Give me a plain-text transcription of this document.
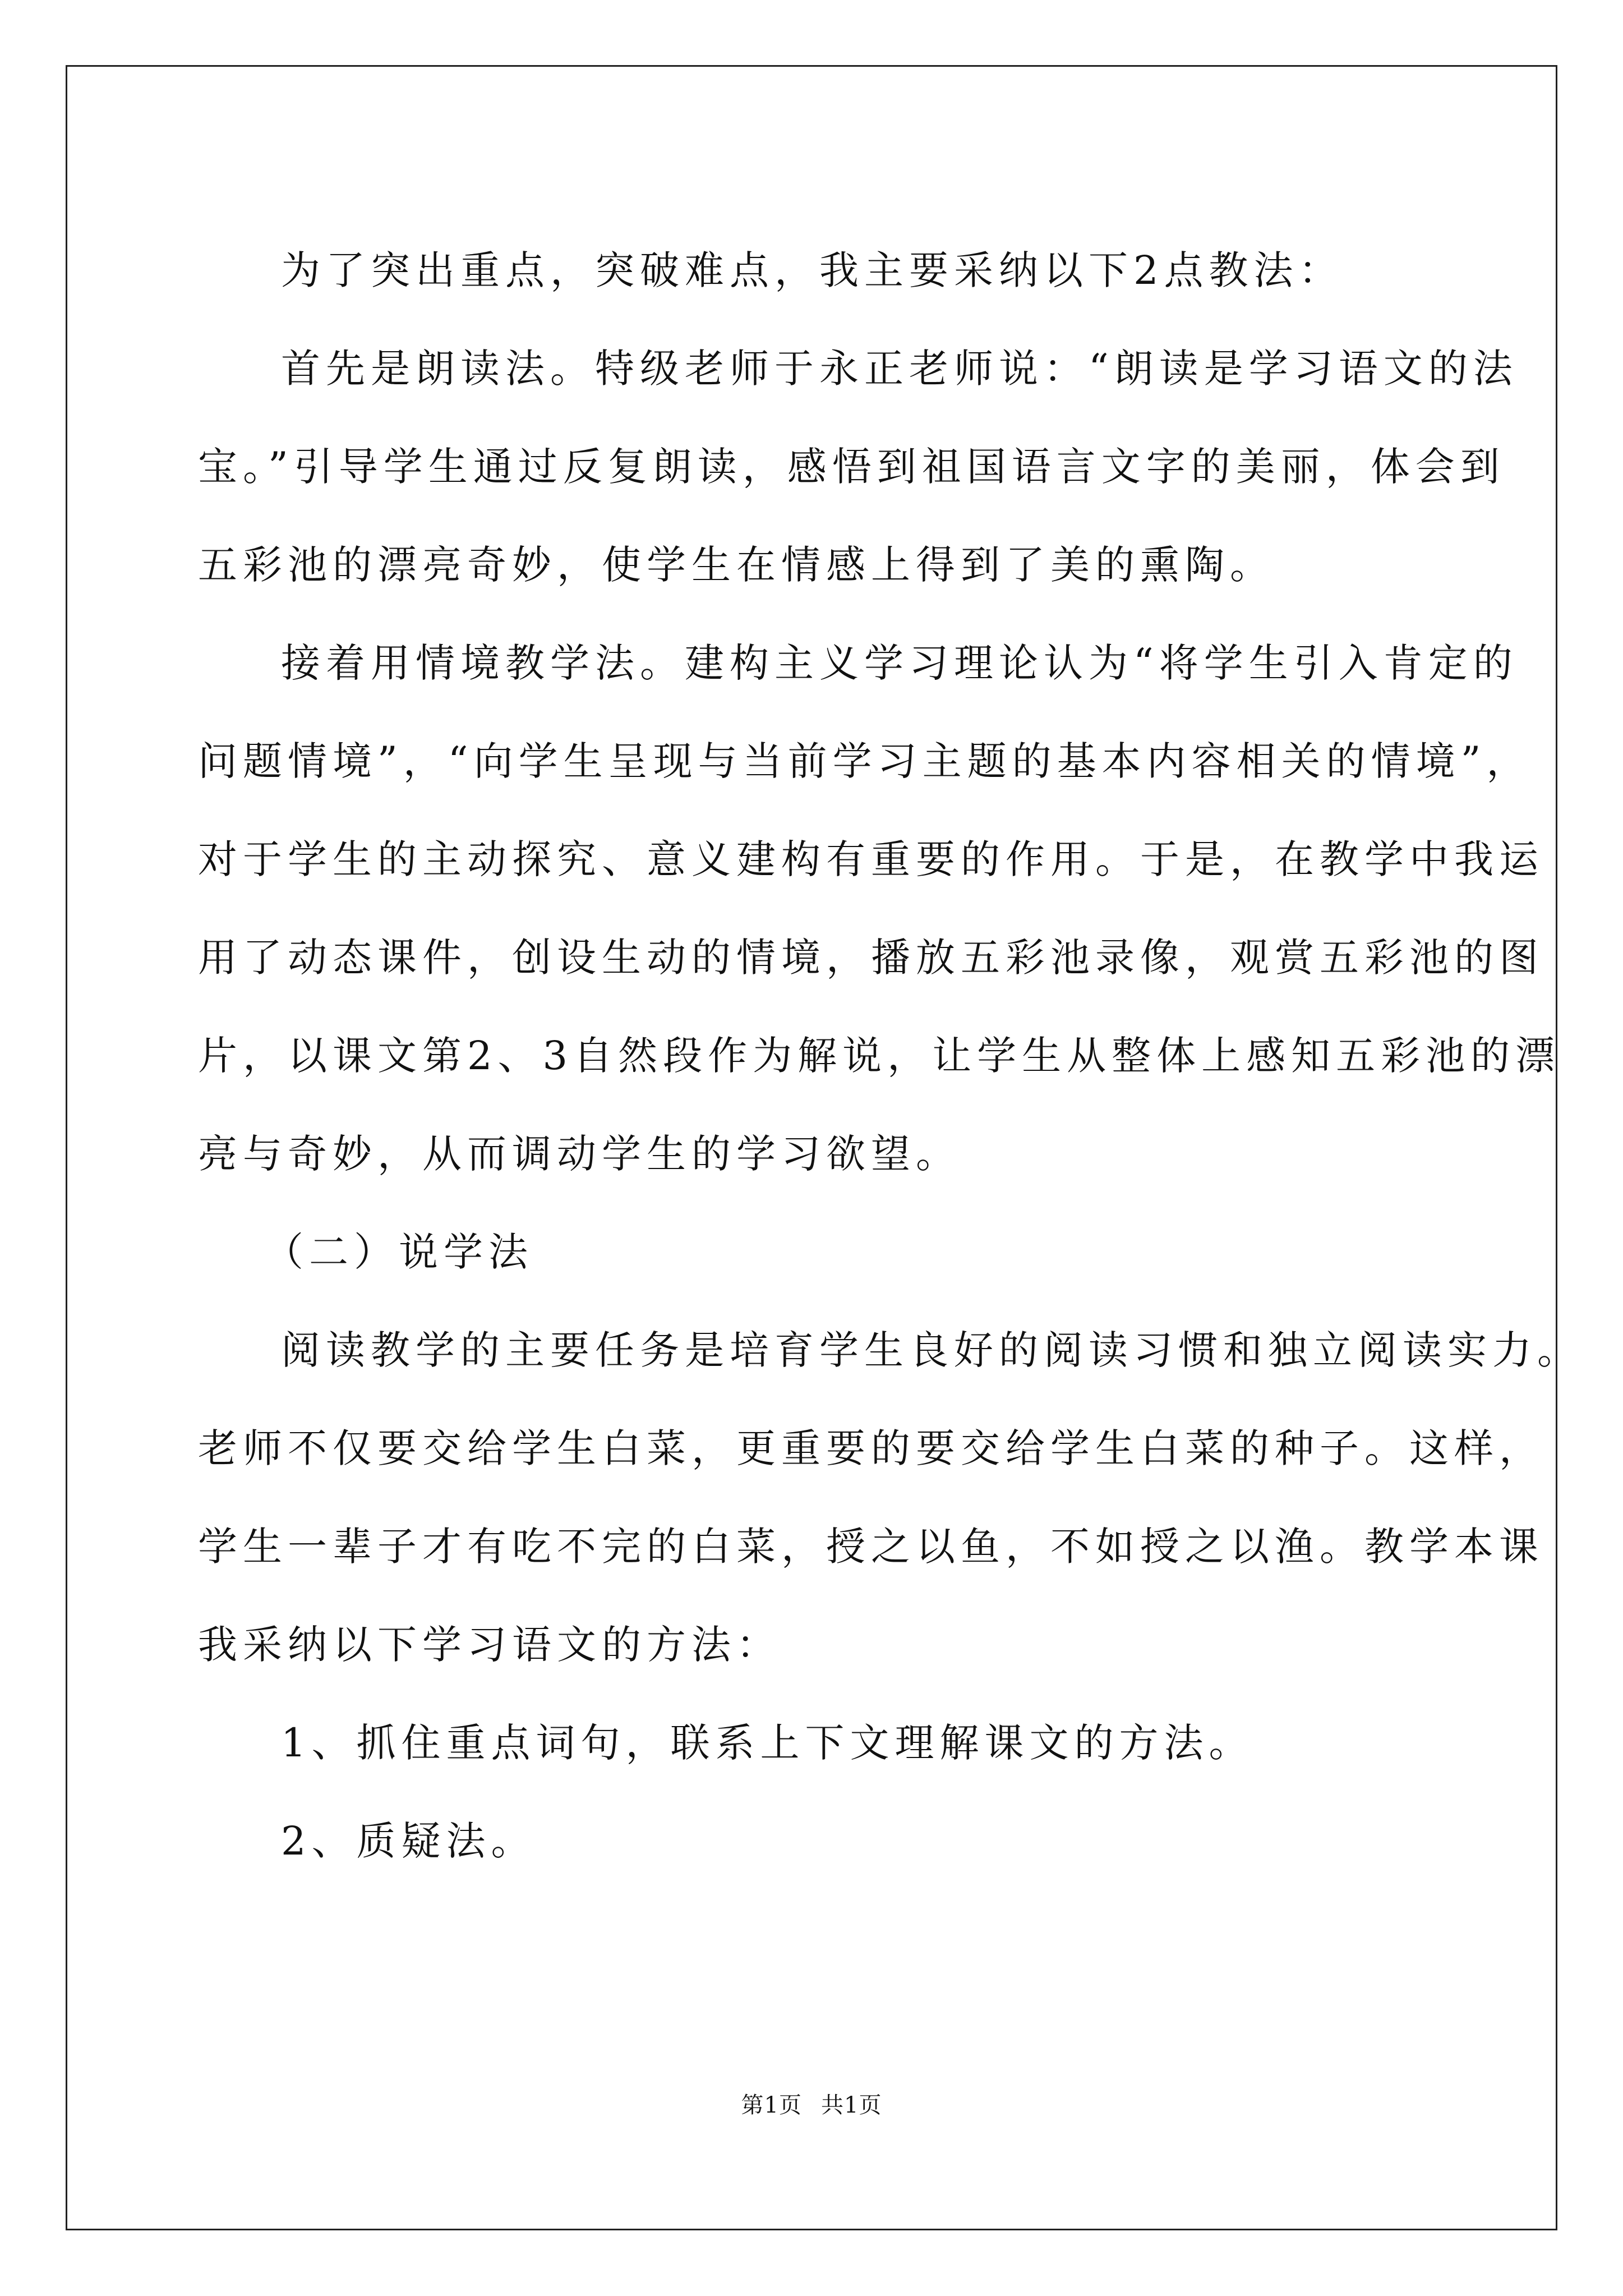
为了突出重点，突破难点，我主要采纳以下2点教法：
首先是朗读法。特级老师于永正老师说：“朗读是学习语文的法
宝。”引导学生通过反复朗读，感悟到祖国语言文字的美丽，体会到
五彩池的漂亮奇妙，使学生在情感上得到了美的熏陶。
接着用情境教学法。建构主义学习理论认为“将学生引入肯定的
问题情境”，“向学生呈现与当前学习主题的基本内容相关的情境”，
对于学生的主动探究、意义建构有重要的作用。于是，在教学中我运
用了动态课件，创设生动的情境，播放五彩池录像，观赏五彩池的图
片，以课文第2、3自然段作为解说，让学生从整体上感知五彩池的漂
亮与奇妙，从而调动学生的学习欲望。
（二）说学法
阅读教学的主要任务是培育学生良好的阅读习惯和独立阅读实力。
老师不仅要交给学生白菜，更重要的要交给学生白菜的种子。这样，
学生一辈子才有吃不完的白菜，授之以鱼，不如授之以渔。教学本课
我采纳以下学习语文的方法：
1、抓住重点词句，联系上下文理解课文的方法。
2、质疑法。
第1页 共1页
